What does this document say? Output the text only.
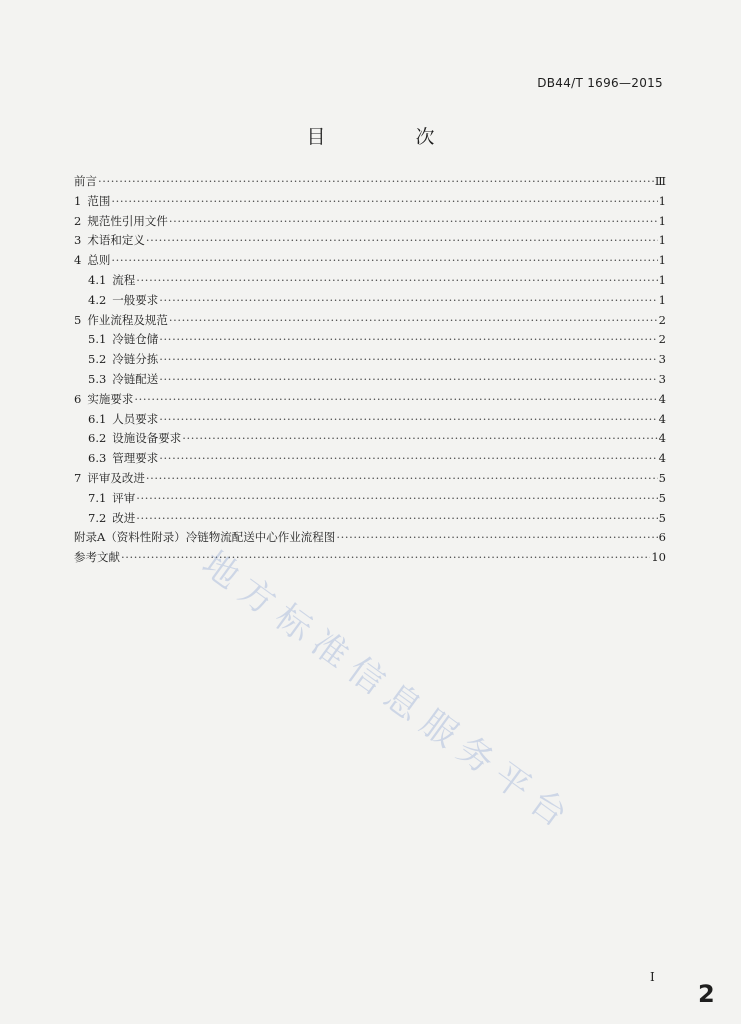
DB44/T 1696—2015
目 次
前言 ·····	Ⅲ
1 范围 ·····	1
2 规范性引用文件 ·····	1
3 术语和定义 ·····	1
4 总则 ·····	1
4.1 流程 ·····	1
4.2 一般要求 ·····	1
5 作业流程及规范 ·····	2
5.1 冷链仓储 ·····	2
5.2 冷链分拣 ·····	3
5.3 冷链配送 ·····	3
6 实施要求 ·····	4
6.1 人员要求 ·····	4
6.2 设施设备要求 ·····	4
6.3 管理要求 ·····	4
7 评审及改进 ·····	5
7.1 评审 ·····	5
7.2 改进 ·····	5
附录A（资料性附录）冷链物流配送中心作业流程图 ·····	6
参考文献 ·····	10
地方标准信息服务平台
I
2
